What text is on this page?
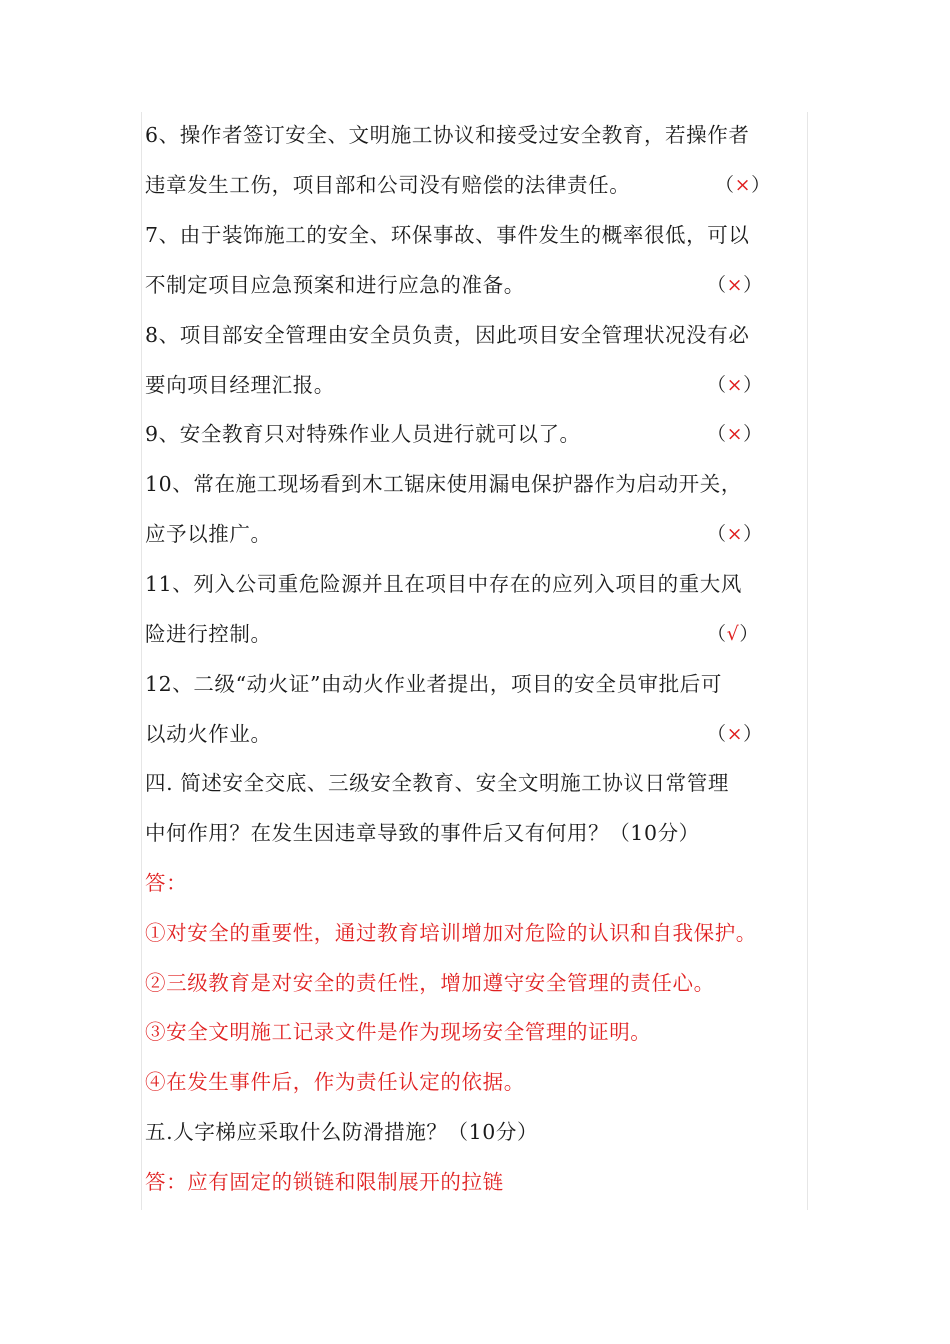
6、操作者签订安全、文明施工协议和接受过安全教育，若操作者
违章发生工伤，项目部和公司没有赔偿的法律责任。	（×）
7、由于装饰施工的安全、环保事故、事件发生的概率很低，可以
不制定项目应急预案和进行应急的准备。	（×）
8、项目部安全管理由安全员负责，因此项目安全管理状况没有必
要向项目经理汇报。	（×）
9、安全教育只对特殊作业人员进行就可以了。	（×）
10、常在施工现场看到木工锯床使用漏电保护器作为启动开关，
应予以推广。	（×）
11、列入公司重危险源并且在项目中存在的应列入项目的重大风
险进行控制。	（√）
12、二级“动火证”由动火作业者提出，项目的安全员审批后可
以动火作业。	（×）
四. 简述安全交底、三级安全教育、安全文明施工协议日常管理
中何作用？在发生因违章导致的事件后又有何用？（10分）
答：
①对安全的重要性，通过教育培训增加对危险的认识和自我保护。
②三级教育是对安全的责任性，增加遵守安全管理的责任心。
③安全文明施工记录文件是作为现场安全管理的证明。
④在发生事件后，作为责任认定的依据。
五.人字梯应采取什么防滑措施？（10分）
答：应有固定的锁链和限制展开的拉链
